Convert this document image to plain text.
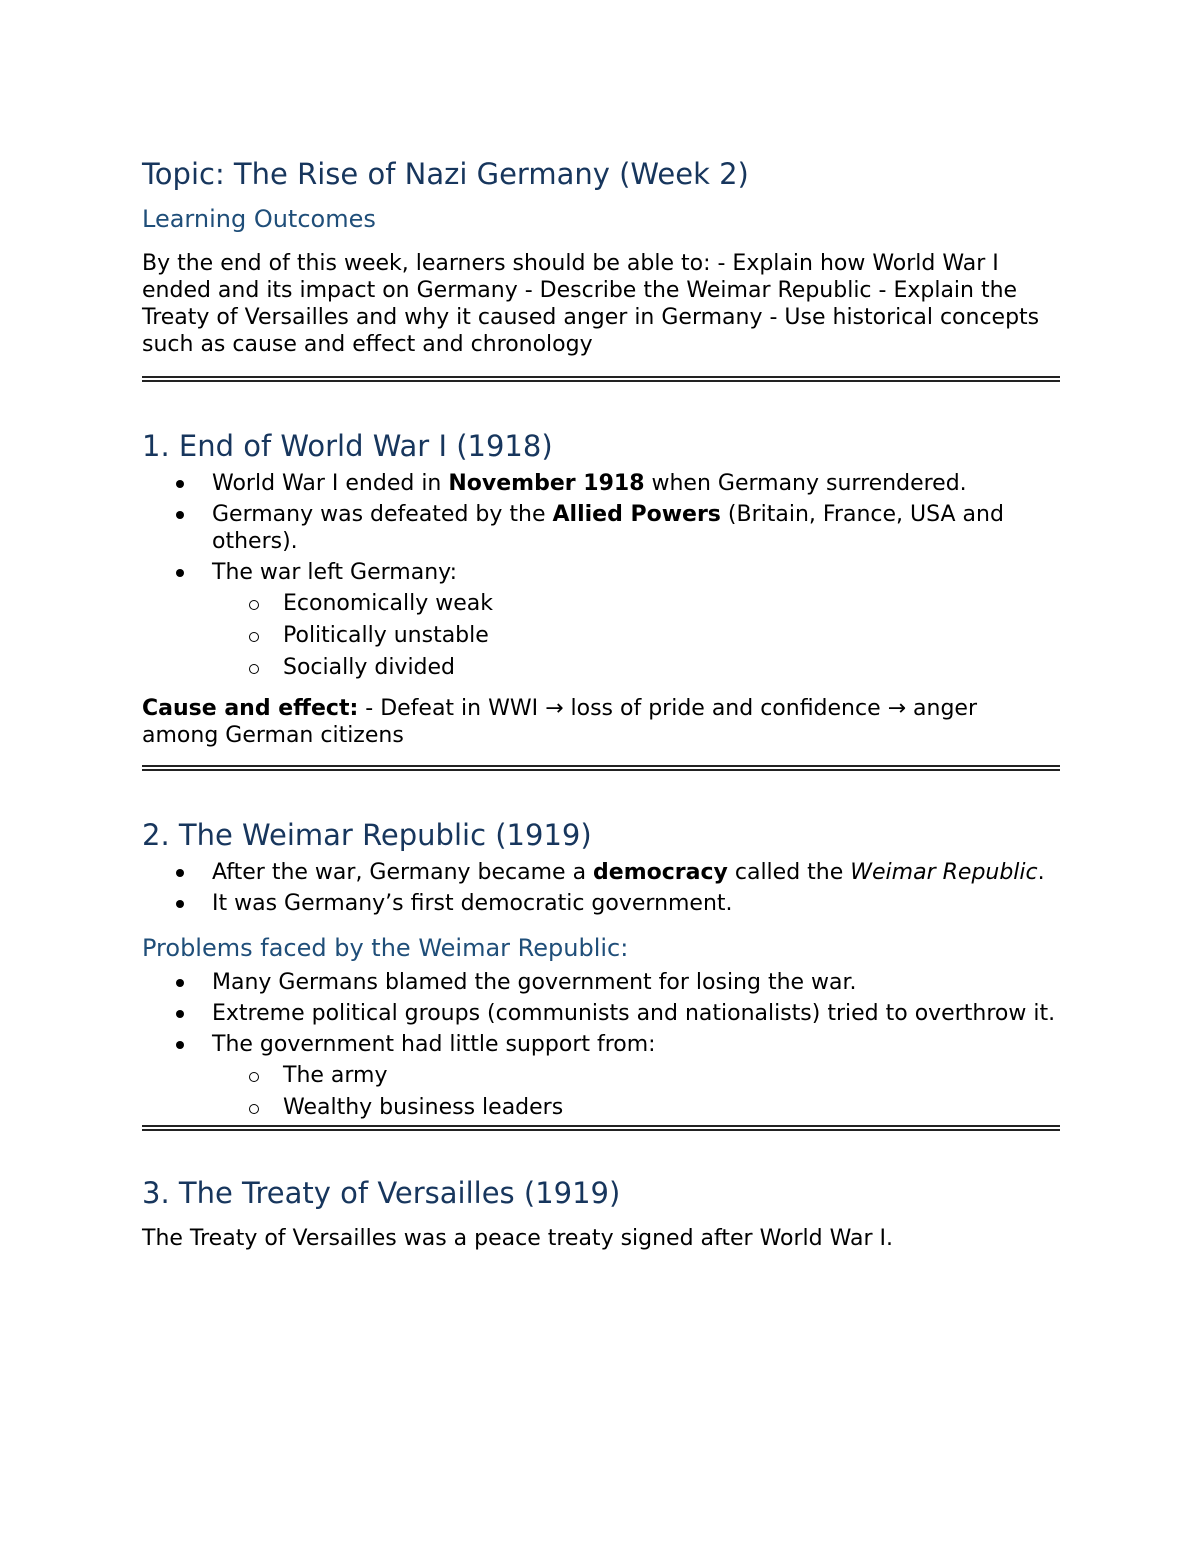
Topic: The Rise of Nazi Germany (Week 2)
Learning Outcomes

By the end of this week, learners should be able to: - Explain how World War I ended and its impact on Germany - Describe the Weimar Republic - Explain the Treaty of Versailles and why it caused anger in Germany - Use historical concepts such as cause and effect and chronology

1. End of World War I (1918)
World War I ended in November 1918 when Germany surrendered.
Germany was defeated by the Allied Powers (Britain, France, USA and others).
The war left Germany:
Economically weak
Politically unstable
Socially divided

Cause and effect: - Defeat in WWI → loss of pride and confidence → anger among German citizens

2. The Weimar Republic (1919)
After the war, Germany became a democracy called the Weimar Republic.
It was Germany’s first democratic government.
Problems faced by the Weimar Republic:
Many Germans blamed the government for losing the war.
Extreme political groups (communists and nationalists) tried to overthrow it.
The government had little support from:
The army
Wealthy business leaders
3. The Treaty of Versailles (1919)

The Treaty of Versailles was a peace treaty signed after World War I.
